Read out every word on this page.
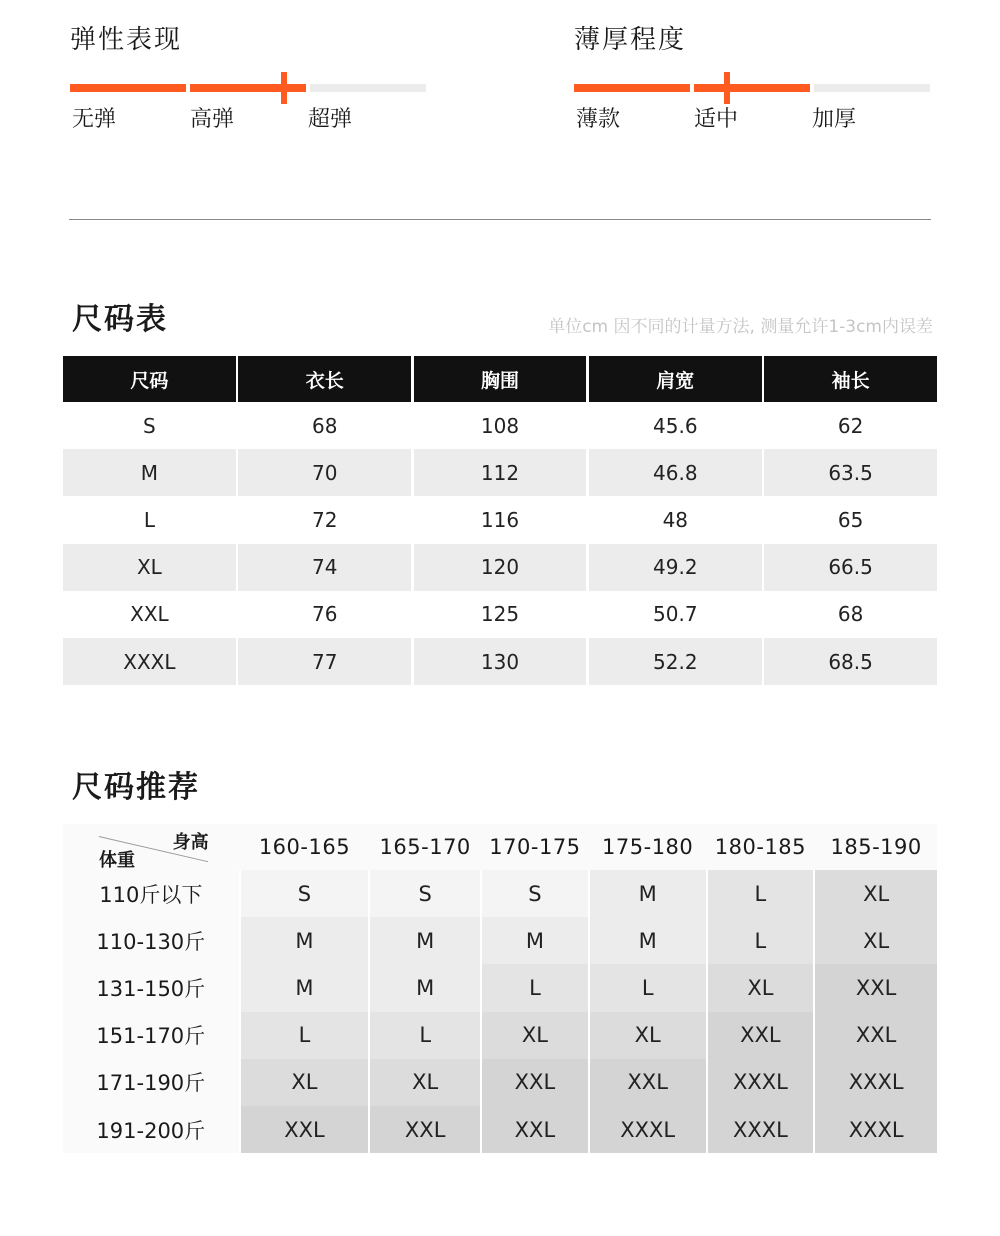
弹性表现
无弹	高弹	超弹
薄厚程度
薄款	适中	加厚
尺码表	单位cm 因不同的计量方法, 测量允许1-3cm内误差
尺码	衣长	胸围	肩宽	袖长
S	68	108	45.6	62
M	70	112	46.8	63.5
L	72	116	48	65
XL	74	120	49.2	66.5
XXL	76	125	50.7	68
XXXL	77	130	52.2	68.5
尺码推荐
身高
体重
160-165	165-170 170-175	175-180	180-185	185-190
110斤以下	S	S	S	M	L	XL
110-130斤	M	M	M	M	L	XL
131-150斤	M	M	L	L	XL	XXL
151-170斤	L	L	XL	XL	XXL	XXL
171-190斤	XL	XL	XXL	XXL	XXXL	XXXL
191-200斤	XXL	XXL	XXL	XXXL	XXXL	XXXL
